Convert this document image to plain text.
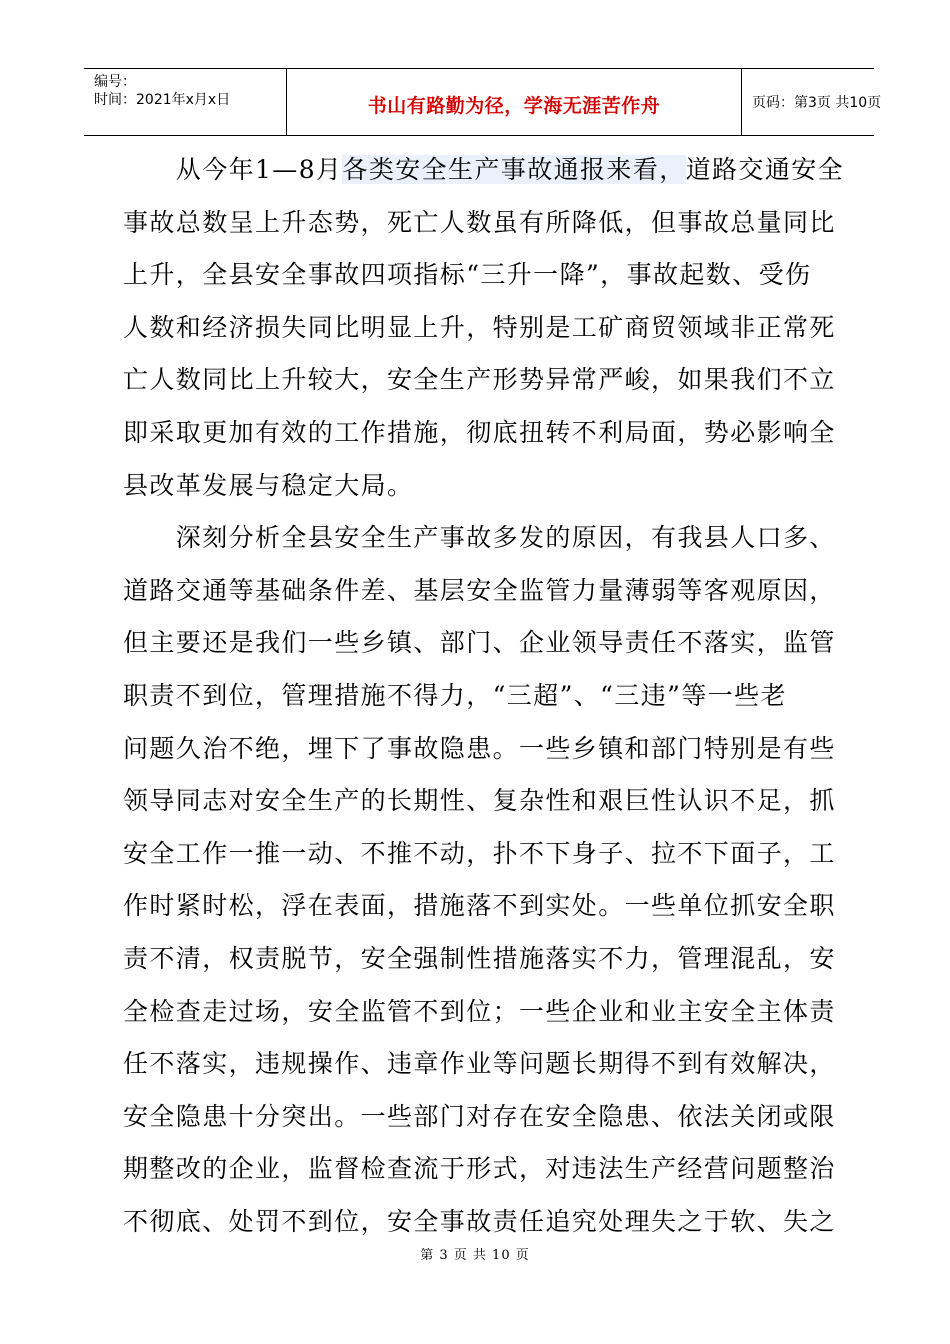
编号：
时间：2021年x月x日	书山有路勤为径，学海无涯苦作舟	页码：第3页 共10页
　　从今年1—8月各类安全生产事故通报来看，道路交通安全
事故总数呈上升态势，死亡人数虽有所降低，但事故总量同比
上升，全县安全事故四项指标“三升一降”，事故起数、受伤
人数和经济损失同比明显上升，特别是工矿商贸领域非正常死
亡人数同比上升较大，安全生产形势异常严峻，如果我们不立
即采取更加有效的工作措施，彻底扭转不利局面，势必影响全
县改革发展与稳定大局。
　　深刻分析全县安全生产事故多发的原因，有我县人口多、
道路交通等基础条件差、基层安全监管力量薄弱等客观原因，
但主要还是我们一些乡镇、部门、企业领导责任不落实，监管
职责不到位，管理措施不得力，“三超”、“三违”等一些老
问题久治不绝，埋下了事故隐患。一些乡镇和部门特别是有些
领导同志对安全生产的长期性、复杂性和艰巨性认识不足，抓
安全工作一推一动、不推不动，扑不下身子、拉不下面子，工
作时紧时松，浮在表面，措施落不到实处。一些单位抓安全职
责不清，权责脱节，安全强制性措施落实不力，管理混乱，安
全检查走过场，安全监管不到位；一些企业和业主安全主体责
任不落实，违规操作、违章作业等问题长期得不到有效解决，
安全隐患十分突出。一些部门对存在安全隐患、依法关闭或限
期整改的企业，监督检查流于形式，对违法生产经营问题整治
不彻底、处罚不到位，安全事故责任追究处理失之于软、失之
第 3 页 共 10 页
